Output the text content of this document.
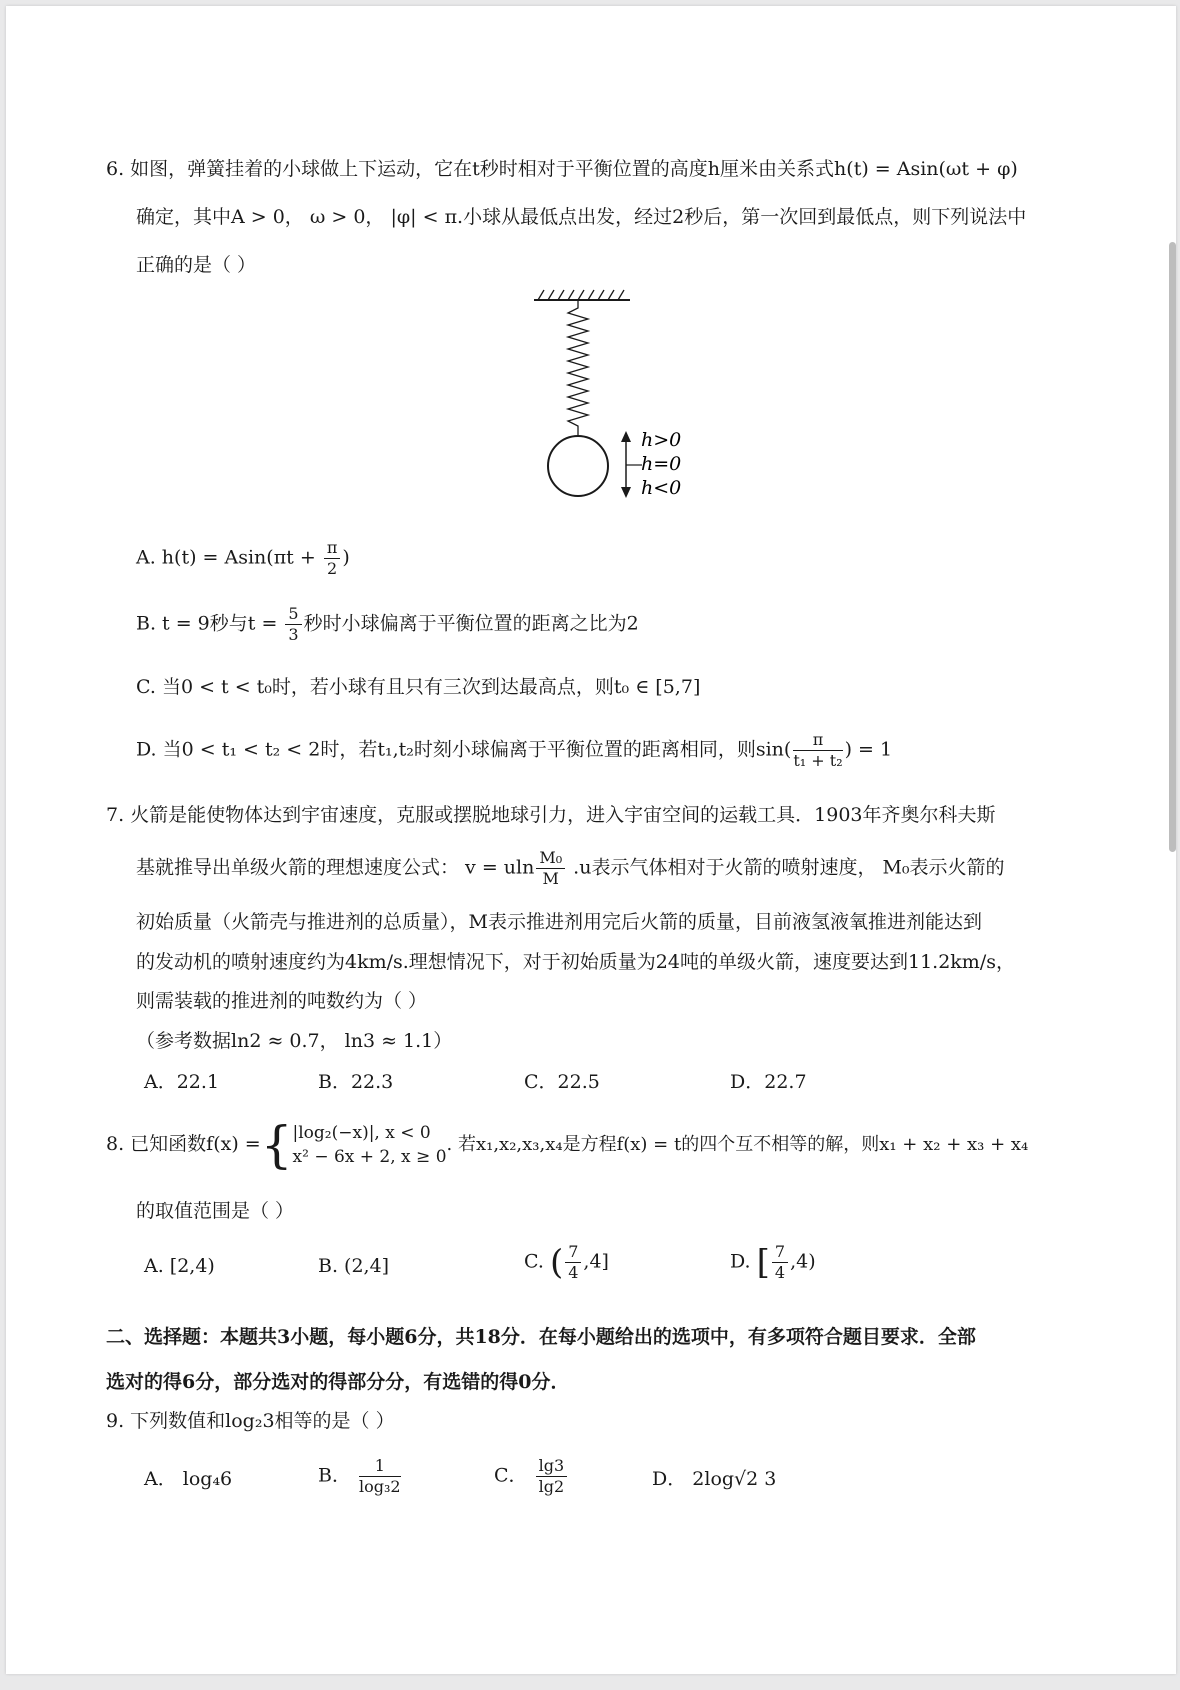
6. 如图，弹簧挂着的小球做上下运动，它在t秒时相对于平衡位置的高度h厘米由关系式h(t) = Asin(ωt + φ)
确定，其中A > 0， ω > 0， |φ| < π.小球从最低点出发，经过2秒后，第一次回到最低点，则下列说法中
正确的是（ ）
h>0
h=0
h<0
A. $h(t) = Asin(\pi t + \frac{\pi}{2}$ )
B. t = 9秒与$t = \frac{5}{3}$ 秒时小球偏离于平衡位置的距离之比为2
C. 当0 < t < t₀时，若小球有且只有三次到达最高点，则t₀ ∈ [5,7]
D. 当0 < t₁ < t₂ < 2时，若t₁,t₂时刻小球偏离于平衡位置的距离相同，则$\sin( \frac{\pi}{\text{t₁ + t₂}}$ ) = 1
7. 火箭是能使物体达到宇宙速度，克服或摆脱地球引力，进入宇宙空间的运载工具．1903年齐奥尔科夫斯
基就推导出单级火箭的理想速度公式： v = uln $\frac{\text{M₀}}{M} .u$表示气体相对于火箭的喷射速度， M₀表示火箭的
初始质量（火箭壳与推进剂的总质量），M表示推进剂用完后火箭的质量，目前液氢液氧推进剂能达到
的发动机的喷射速度约为4km/s.理想情况下，对于初始质量为24吨的单级火箭，速度要达到11.2km/s，
则需装载的推进剂的吨数约为（ ）
（参考数据ln2 ≈ 0.7， ln3 ≈ 1.1）
A．22.1	B．22.3	C．22.5	D．22.7
8. 已知函数f(x) ={ |log₂(−x)|, x < 0
x² − 6x + 2, x ≥ 0
. 若x₁,x₂,x₃,x₄是方程f(x) = t的四个互不相等的解，则x₁ + x₂ + x₃ + x₄
的取值范围是（ ）
A. [2,4)	B. (2,4]	C. ( $\frac{7}{4} ,4$]	D. [ $\frac{7}{4} ,4$)
二、选择题：本题共3小题，每小题6分，共18分．在每小题给出的选项中，有多项符合题目要求．全部
选对的得6分，部分选对的得部分分，有选错的得0分．
9. 下列数值和log₂3相等的是（ ）
A． log₄6	B． $\frac{1}{\text{log₃2}}$	C． $\frac{\lg 3}{\lg 2}$	D． 2log√2 3
